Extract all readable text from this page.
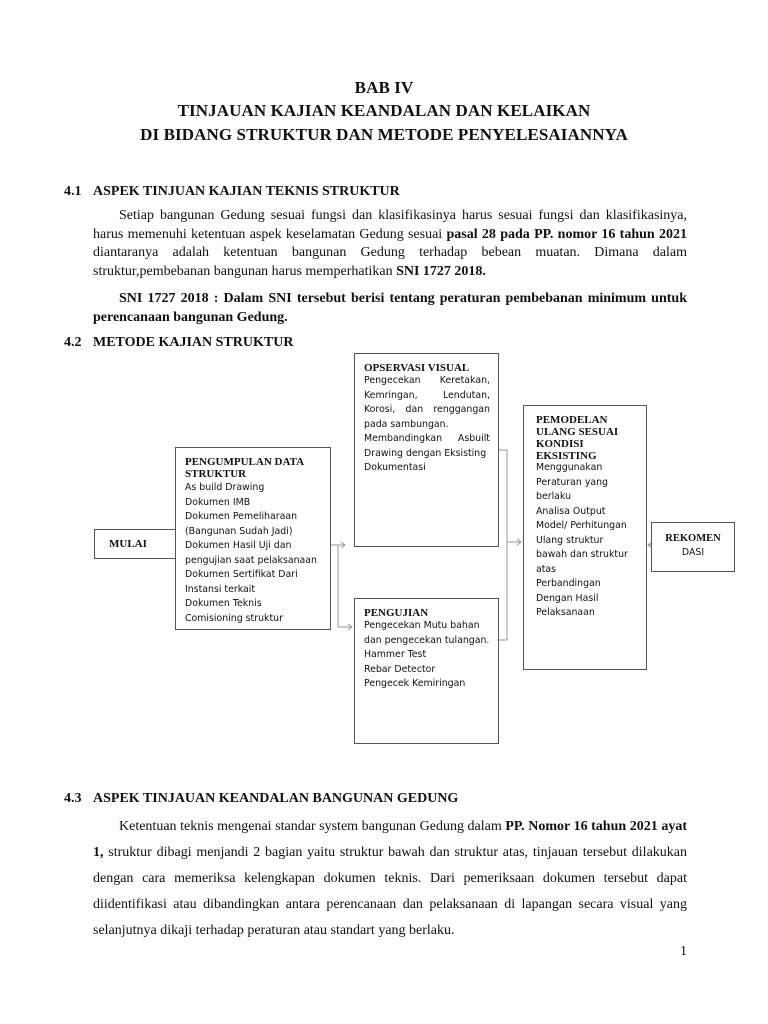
BAB IV
TINJAUAN KAJIAN KEANDALAN DAN KELAIKAN
DI BIDANG STRUKTUR DAN METODE PENYELESAIANNYA
4.1 ASPEK TINJUAN KAJIAN TEKNIS STRUKTUR

Setiap bangunan Gedung sesuai fungsi dan klasifikasinya harus sesuai fungsi dan klasifikasinya, harus memenuhi ketentuan aspek keselamatan Gedung sesuai pasal 28 pada PP. nomor 16 tahun 2021 diantaranya adalah ketentuan bangunan Gedung terhadap bebean muatan. Dimana dalam struktur,pembebanan bangunan harus memperhatikan SNI 1727 2018.

SNI 1727 2018 : Dalam SNI tersebut berisi tentang peraturan pembebanan minimum untuk perencanaan bangunan Gedung.

4.2 METODE KAJIAN STRUKTUR
MULAI
PENGUMPULAN DATA
STRUKTUR
As build Drawing
Dokumen IMB
Dokumen Pemeliharaan
(Bangunan Sudah Jadi)
Dokumen Hasil Uji dan
pengujian saat pelaksanaan
Dokumen Sertifikat Dari
Instansi terkait
Dokumen Teknis
Comisioning struktur
OPSERVASI VISUAL
Pengecekan Keretakan,
Kemringan, Lendutan,
Korosi, dan renggangan
pada sambungan.
Membandingkan Asbuilt
Drawing dengan Eksisting
Dokumentasi
PENGUJIAN
Pengecekan Mutu bahan
dan pengecekan tulangan.
Hammer Test
Rebar Detector
Pengecek Kemiringan
PEMODELAN
ULANG SESUAI
KONDISI
EKSISTING
Menggunakan
Peraturan yang
berlaku
Analisa Output
Model/ Perhitungan
Ulang struktur
bawah dan struktur
atas
Perbandingan
Dengan Hasil
Pelaksanaan
REKOMEN
DASI
4.3 ASPEK TINJAUAN KEANDALAN BANGUNAN GEDUNG

Ketentuan teknis mengenai standar system bangunan Gedung dalam PP. Nomor 16 tahun 2021 ayat 1, struktur dibagi menjandi 2 bagian yaitu struktur bawah dan struktur atas, tinjauan tersebut dilakukan dengan cara memeriksa kelengkapan dokumen teknis. Dari pemeriksaan dokumen tersebut dapat diidentifikasi atau dibandingkan antara perencanaan dan pelaksanaan di lapangan secara visual yang selanjutnya dikaji terhadap peraturan atau standart yang berlaku.

1
